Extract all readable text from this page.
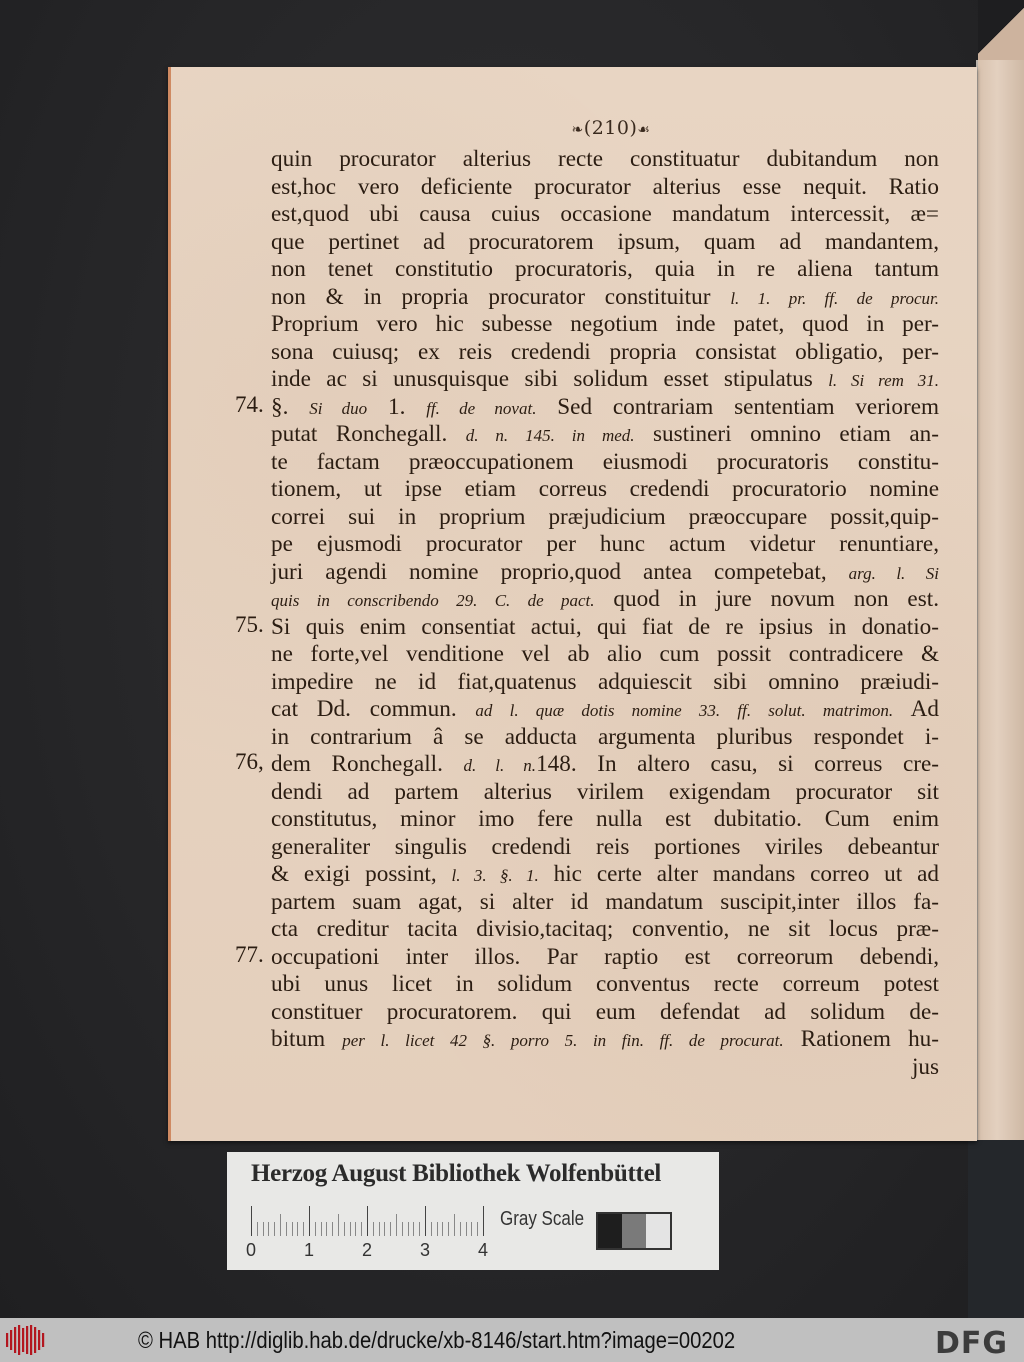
❧(210)☙
quin procurator alterius recte constituatur dubitandum non
est,hoc vero deficiente procurator alterius esse nequit. Ratio
est,quod ubi causa cuius occasione mandatum intercessit, æ=
que pertinet ad procuratorem ipsum, quam ad mandantem,
non tenet constitutio procuratoris, quia in re aliena tantum
non & in propria procurator constituitur l. 1. pr. ff. de procur.
Proprium vero hic subesse negotium inde patet, quod in per-
sona cuiusq; ex reis credendi propria consistat obligatio, per-
inde ac si unusquisque sibi solidum esset stipulatus l. Si rem 31.
§. Si duo 1. ff. de novat. Sed contrariam sententiam veriorem
putat Ronchegall. d. n. 145. in med. sustineri omnino etiam an-
te factam præoccupationem eiusmodi procuratoris constitu-
tionem, ut ipse etiam correus credendi procuratorio nomine
correi sui in proprium præjudicium præoccupare possit,quip-
pe ejusmodi procurator per hunc actum videtur renuntiare,
juri agendi nomine proprio,quod antea competebat, arg. l. Si
quis in conscribendo 29. C. de pact. quod in jure novum non est.
Si quis enim consentiat actui, qui fiat de re ipsius in donatio-
ne forte,vel venditione vel ab alio cum possit contradicere &
impedire ne id fiat,quatenus adquiescit sibi omnino præiudi-
cat Dd. commun. ad l. quæ dotis nomine 33. ff. solut. matrimon. Ad
in contrarium â se adducta argumenta pluribus respondet i-
dem Ronchegall. d. l. n.148. In altero casu, si correus cre-
dendi ad partem alterius virilem exigendam procurator sit
constitutus, minor imo fere nulla est dubitatio. Cum enim
generaliter singulis credendi reis portiones viriles debeantur
& exigi possint, l. 3. §. 1. hic certe alter mandans correo ut ad
partem suam agat, si alter id mandatum suscipit,inter illos fa-
cta creditur tacita divisio,tacitaq; conventio, ne sit locus præ-
occupationi inter illos. Par raptio est correorum debendi,
ubi unus licet in solidum conventus recte correum potest
constituer procuratorem. qui eum defendat ad solidum de-
bitum per l. licet 42 §. porro 5. in fin. ff. de procurat. Rationem hu-
jus
74.
75.
76,
77.
Herzog August Bibliothek Wolfenbüttel
0	1	2	3	4
Gray Scale
© HAB http://diglib.hab.de/drucke/xb-8146/start.htm?image=00202	DFG
